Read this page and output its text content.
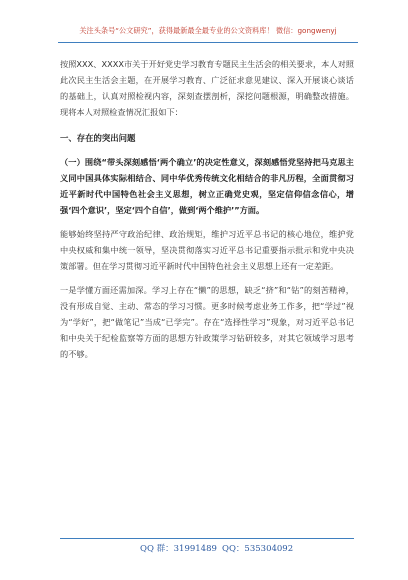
关注头条号“公文研究”，获得最新最全最专业的公文资料库！ 微信：gongwenyj

按照XXX、XXXX市关于开好党史学习教育专题民主生活会的相关要求，本人对照此次民主生活会主题，在开展学习教育、广泛征求意见建议、深入开展谈心谈话的基础上，认真对照检视内容，深刻查摆剖析，深挖问题根源，明确整改措施。现将本人对照检查情况汇报如下：

一、存在的突出问题

（一）围绕“带头深刻感悟‘两个确立’的决定性意义，深刻感悟党坚持把马克思主义同中国具体实际相结合、同中华优秀传统文化相结合的非凡历程，全面贯彻习近平新时代中国特色社会主义思想，树立正确党史观，坚定信仰信念信心，增强‘四个意识’，坚定‘四个自信’，做到‘两个维护’”方面。

能够始终坚持严守政治纪律、政治规矩，维护习近平总书记的核心地位，维护党中央权威和集中统一领导，坚决贯彻落实习近平总书记重要指示批示和党中央决策部署。但在学习贯彻习近平新时代中国特色社会主义思想上还有一定差距。

一是学懂方面还需加深。学习上存在“懒”的思想，缺乏“挤”和“钻”的刻苦精神，没有形成自觉、主动、常态的学习习惯。更多时候考虑业务工作多，把“学过”视为“学好”，把“做笔记”当成“已学完”。存在“选择性学习”现象，对习近平总书记和中央关于纪检监察等方面的思想方针政策学习钻研较多，对其它领域学习思考的不够。

QQ 群：31991489 QQ：535304092
